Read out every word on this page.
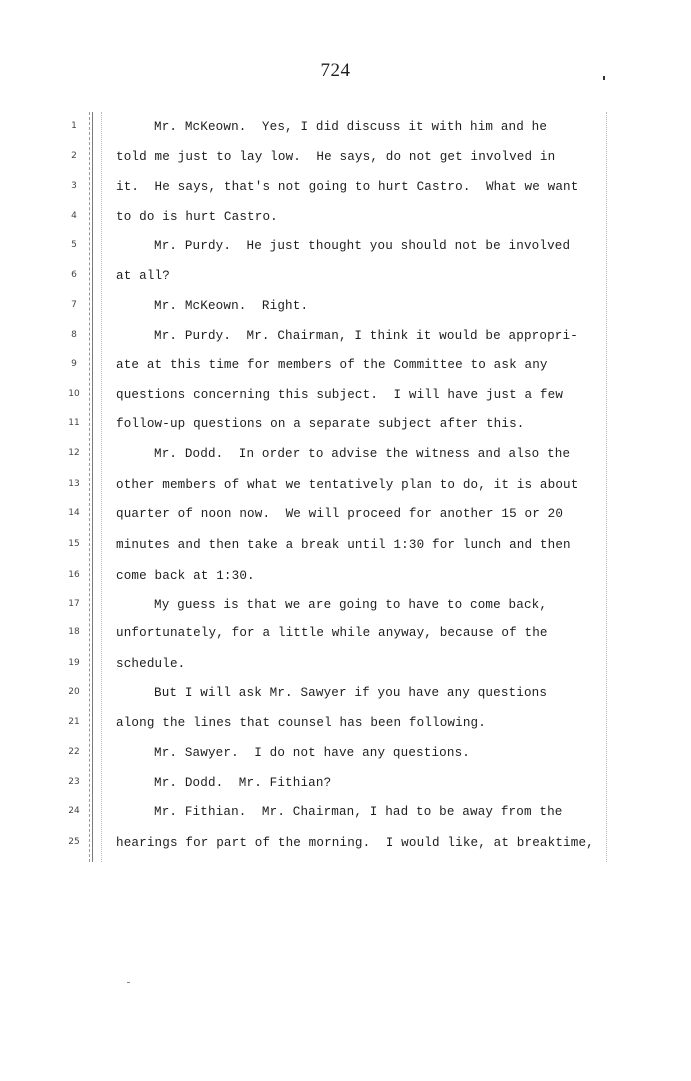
724
1	Mr. McKeown.  Yes, I did discuss it with him and he
2	told me just to lay low.  He says, do not get involved in
3	it.  He says, that's not going to hurt Castro.  What we want
4	to do is hurt Castro.
5	Mr. Purdy.  He just thought you should not be involved
6	at all?
7	Mr. McKeown.  Right.
8	Mr. Purdy.  Mr. Chairman, I think it would be appropri-
9	ate at this time for members of the Committee to ask any
10	questions concerning this subject.  I will have just a few
11	follow-up questions on a separate subject after this.
12	Mr. Dodd.  In order to advise the witness and also the
13	other members of what we tentatively plan to do, it is about
14	quarter of noon now.  We will proceed for another 15 or 20
15	minutes and then take a break until 1:30 for lunch and then
16	come back at 1:30.
17	My guess is that we are going to have to come back,
18	unfortunately, for a little while anyway, because of the
19	schedule.
20	But I will ask Mr. Sawyer if you have any questions
21	along the lines that counsel has been following.
22	Mr. Sawyer.  I do not have any questions.
23	Mr. Dodd.  Mr. Fithian?
24	Mr. Fithian.  Mr. Chairman, I had to be away from the
25	hearings for part of the morning.  I would like, at breaktime,
